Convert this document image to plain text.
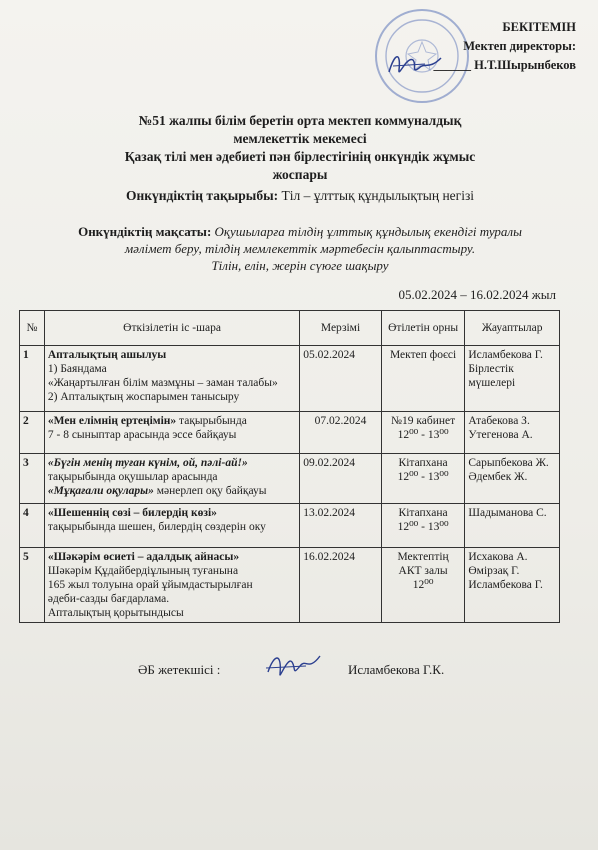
БЕКІТЕМІН
Мектеп директоры:
______ Н.Т.Шырынбеков
№51 жалпы білім беретін орта мектеп коммуналдық
мемлекеттік мекемесі
Қазақ тілі мен әдебиеті пән бірлестігінің онкүндік жұмыс
жоспары
Онкүндіктің тақырыбы: Тіл – ұлттық құндылықтың негізі
Онкүндіктің мақсаты: Оқушыларға тілдің ұлттық құндылық екендігі туралы
мәлімет беру, тілдің мемлекеттік мәртебесін қалыптастыру.
Тілін, елін, жерін сүюге шақыру
05.02.2024 – 16.02.2024 жыл
№	Өткізілетін іс -шара	Мерзімі	Өтілетін орны	Жауаптылар
1	Апталықтың ашылуы
1) Баяндама
«Жаңартылған білім мазмұны – заман талабы»
2) Апталықтың жоспарымен танысыру	05.02.2024	Мектеп фоєсі	Исламбекова Г.
Бірлестік мүшелері

2	«Мен елімнің ертеңімін» тақырыбында
7 - 8 сыныптар арасында эссе байқауы	07.02.2024	№19 кабинет
12⁰⁰ - 13⁰⁰	Атабекова З.
Утегенова А.

3	«Бүгін менің туған күнім, ой, пәлі-ай!»
тақырыбында оқушылар арасында
«Мұқағали оқулары» мәнерлеп оқу байқауы	09.02.2024	Кітапхана
12⁰⁰ - 13⁰⁰	Сарыпбекова Ж.
Әдембек Ж.

4	«Шешеннің сөзі – билердің көзі»
тақырыбында шешен, билердің сөздерін оку	13.02.2024	Кітапхана
12⁰⁰ - 13⁰⁰	Шадыманова С.

5	«Шәкәрім өсиеті – адалдық айнасы»
Шәкәрім Құдайбердіұлының туғанына
165 жыл толуына орай ұйымдастырылған
әдеби-сазды бағдарлама.
Апталықтың қорытындысы	16.02.2024	Мектептің
АКТ залы
12⁰⁰	Исхакова А.
Өмірзақ Г.
Исламбекова Г.
ӘБ жетекшісі :	Исламбекова Г.К.
